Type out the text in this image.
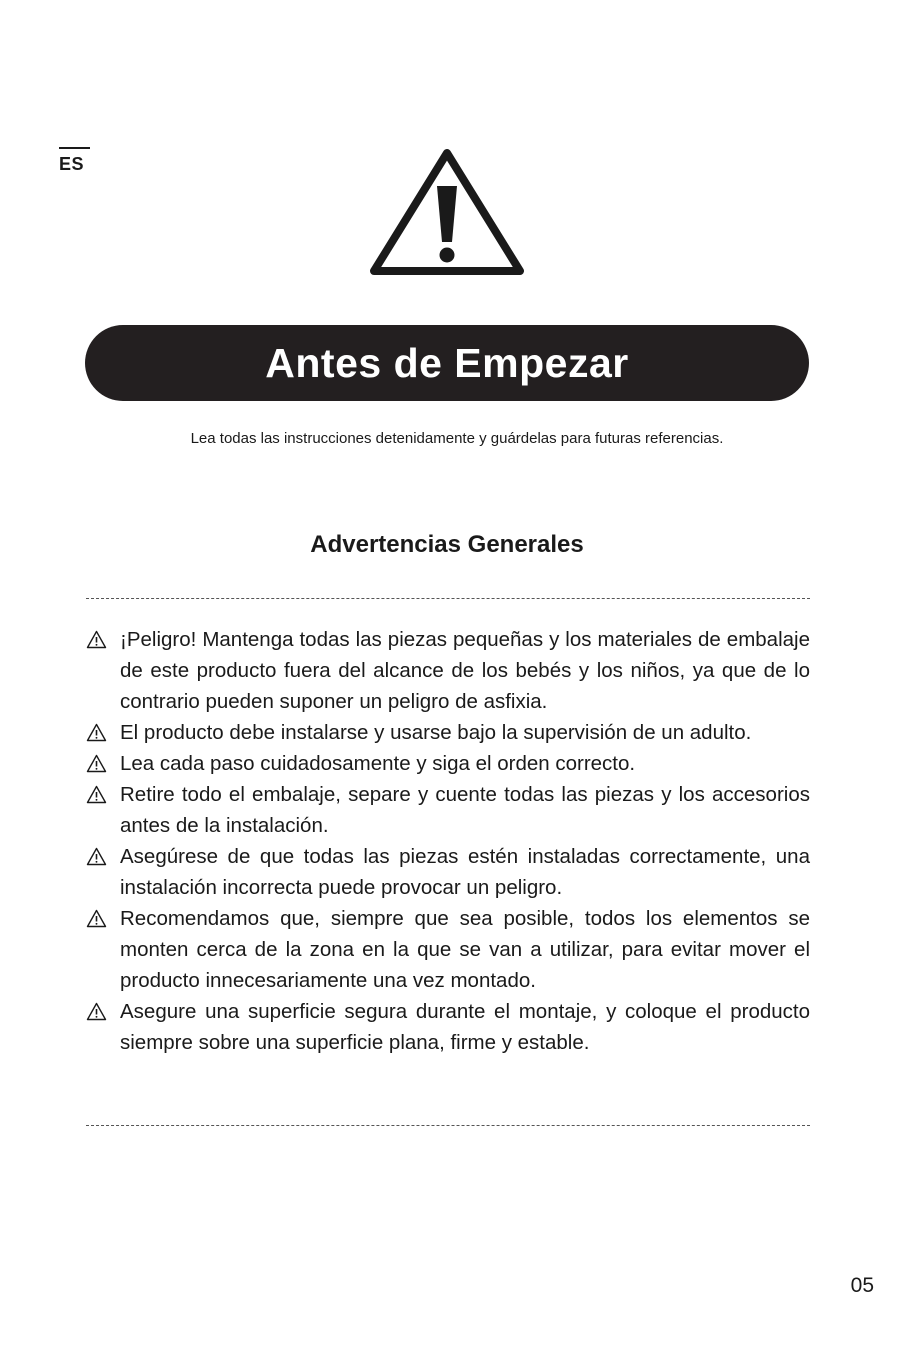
ES
Antes de Empezar
Lea todas las instrucciones detenidamente y guárdelas para futuras referencias.
Advertencias Generales
¡Peligro! Mantenga todas las piezas pequeñas y los materiales de embalaje de este producto fuera del alcance de los bebés y los niños, ya que de lo contrario pueden suponer un peligro de asfixia.
El producto debe instalarse y usarse bajo la supervisión de un adulto.
Lea cada paso cuidadosamente y siga el orden correcto.
Retire todo el embalaje, separe y cuente todas las piezas y los accesorios antes de la instalación.
Asegúrese de que todas las piezas estén instaladas correctamente, una instalación incorrecta puede provocar un peligro.
Recomendamos que, siempre que sea posible, todos los elementos se monten cerca de la zona en la que se van a utilizar, para evitar mover el producto innecesariamente una vez montado.
Asegure una superficie segura durante el montaje, y coloque el producto siempre sobre una superficie plana, firme y estable.
05
